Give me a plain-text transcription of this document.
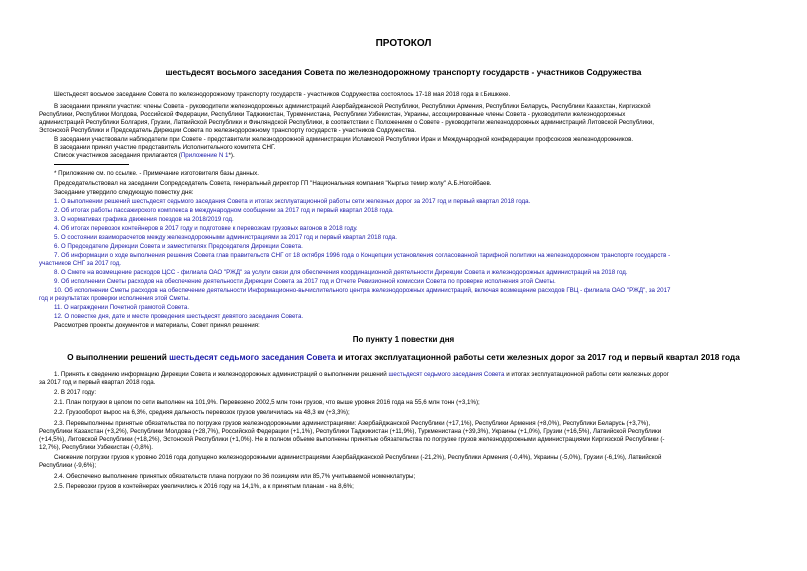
ПРОТОКОЛ
шестьдесят восьмого заседания Совета по железнодорожному транспорту государств - участников Содружества
Шестьдесят восьмое заседание Совета по железнодорожному транспорту государств - участников Содружества состоялось 17-18 мая 2018 года в г.Бишкеке.
В заседании приняли участие: члены Совета - руководители железнодорожных администраций Азербайджанской Республики, Республики Армения, Республики Беларусь, Республики Казахстан, Киргизской
Республики, Республики Молдова, Российской Федерации, Республики Таджикистан, Туркменистана, Республики Узбекистан, Украины, ассоциированные члены Совета - руководители железнодорожных
администраций Республики Болгария, Грузии, Латвийской Республики и Финляндской Республики, в соответствии с Положением о Совете - руководители железнодорожных администраций Литовской Республики,
Эстонской Республики и Председатель Дирекции Совета по железнодорожному транспорту государств - участников Содружества.
В заседании участвовали наблюдатели при Совете - представители железнодорожной администрации Исламской Республики Иран и Международной конфедерации профсоюзов железнодорожников.
В заседании принял участие представитель Исполнительного комитета СНГ.
Список участников заседания прилагается (Приложение N 1*).
* Приложение см. по ссылке. - Примечание изготовителя базы данных.
Председательствовал на заседании Сопредседатель Совета, генеральный директор ГП "Национальная компания "Кыргыз темир жолу" А.Б.Ногойбаев.
Заседание утвердило следующую повестку дня:
1. О выполнении решений шестьдесят седьмого заседания Совета и итогах эксплуатационной работы сети железных дорог за 2017 год и первый квартал 2018 года.
2. Об итогах работы пассажирского комплекса в международном сообщении за 2017 год и первый квартал 2018 года.
3. О нормативах графика движения поездов на 2018/2019 год.
4. Об итогах перевозок контейнеров в 2017 году и подготовке к перевозкам грузовых вагонов в 2018 году.
5. О состоянии взаиморасчетов между железнодорожными администрациями за 2017 год и первый квартал 2018 года.
6. О Председателе Дирекции Совета и заместителях Председателя Дирекции Совета.
7. Об информации о ходе выполнения решения Совета глав правительств СНГ от 18 октября 1996 года о Концепции установления согласованной тарифной политики на железнодорожном транспорте государств -
участников СНГ за 2017 год.
8. О Смете на возмещение расходов ЦСС - филиала ОАО "РЖД" за услуги связи для обеспечения координационной деятельности Дирекции Совета и железнодорожных администраций на 2018 год.
9. Об исполнении Сметы расходов на обеспечение деятельности Дирекции Совета за 2017 год и Отчете Ревизионной комиссии Совета по проверке исполнения этой Сметы.
10. Об исполнении Сметы расходов на обеспечение деятельности Информационно-вычислительного центра железнодорожных администраций, включая возмещение расходов ГВЦ - филиала ОАО "РЖД", за 2017
год и результатах проверки исполнения этой Сметы.
11. О награждении Почетной грамотой Совета.
12. О повестке дня, дате и месте проведения шестьдесят девятого заседания Совета.
Рассмотрев проекты документов и материалы, Совет принял решения:
По пункту 1 повестки дня
О выполнении решений шестьдесят седьмого заседания Совета и итогах эксплуатационной работы сети железных дорог за 2017 год и первый квартал 2018 года
1. Принять к сведению информацию Дирекции Совета и железнодорожных администраций о выполнении решений шестьдесят седьмого заседания Совета и итогах эксплуатационной работы сети железных дорог
за 2017 год и первый квартал 2018 года.
2. В 2017 году:
2.1. План погрузки в целом по сети выполнен на 101,9%. Перевезено 2002,5 млн тонн грузов, что выше уровня 2016 года на 55,6 млн тонн (+3,1%);
2.2. Грузооборот вырос на 6,3%, средняя дальность перевозок грузов увеличилась на 48,3 км (+3,3%);
2.3. Перевыполнены принятые обязательства по погрузке грузов железнодорожными администрациями: Азербайджанской Республики (+17,1%), Республики Армения (+8,0%), Республики Беларусь (+3,7%),
Республики Казахстан (+3,2%), Республики Молдова (+28,7%), Российской Федерации (+1,1%), Республики Таджикистан (+11,9%), Туркменистана (+39,3%), Украины (+1,0%), Грузии (+16,5%), Латвийской Республики
(+14,5%), Литовской Республики (+18,2%), Эстонской Республики (+1,0%). Не в полном объеме выполнены принятые обязательства по погрузке грузов железнодорожными администрациями Киргизской Республики (-
12,7%), Республики Узбекистан (-0,8%).
Снижение погрузки грузов к уровню 2016 года допущено железнодорожными администрациями Азербайджанской Республики (-21,2%), Республики Армения (-0,4%), Украины (-5,0%), Грузии (-6,1%), Латвийской
Республики (-9,6%);
2.4. Обеспечено выполнение принятых обязательств плана погрузки по 36 позициям или 85,7% учитываемой номенклатуры;
2.5. Перевозки грузов в контейнерах увеличились к 2016 году на 14,1%, а к принятым планам - на 8,6%;
